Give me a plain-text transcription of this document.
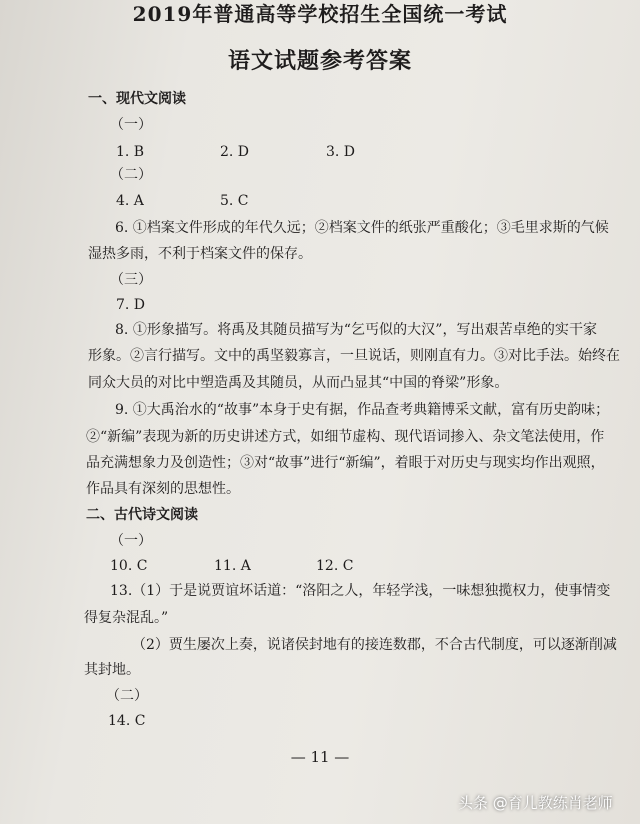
2019年普通高等学校招生全国统一考试
语文试题参考答案
一、现代文阅读
（一）
1. B	2. D	3. D
（二）
4. A	5. C
6. ①档案文件形成的年代久远；②档案文件的纸张严重酸化；③毛里求斯的气候
湿热多雨，不利于档案文件的保存。
（三）
7. D
8. ①形象描写。将禹及其随员描写为“乞丐似的大汉”，写出艰苦卓绝的实干家
形象。②言行描写。文中的禹坚毅寡言，一旦说话，则刚直有力。③对比手法。始终在
同众大员的对比中塑造禹及其随员，从而凸显其“中国的脊梁”形象。
9. ①大禹治水的“故事”本身于史有据，作品查考典籍博采文献，富有历史韵味；
②“新编”表现为新的历史讲述方式，如细节虚构、现代语词掺入、杂文笔法使用，作
品充满想象力及创造性；③对“故事”进行“新编”，着眼于对历史与现实均作出观照，
作品具有深刻的思想性。
二、古代诗文阅读
（一）
10. C	11. A	12. C
13.（1）于是说贾谊坏话道：“洛阳之人，年轻学浅，一味想独揽权力，使事情变
得复杂混乱。”
（2）贾生屡次上奏，说诸侯封地有的接连数郡，不合古代制度，可以逐渐削减
其封地。
（二）
14. C
— 11 —
头条 @育儿教练肖老师
